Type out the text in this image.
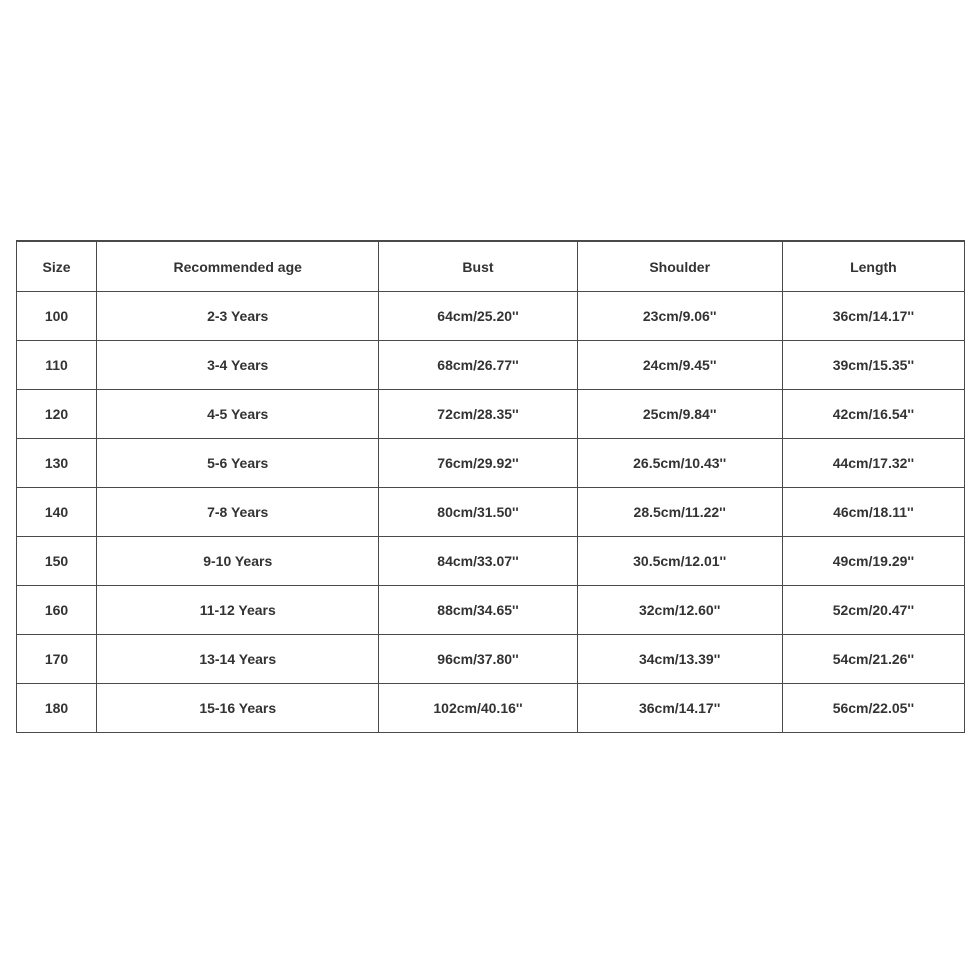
Size	Recommended age	Bust	Shoulder	Length
100	2-3 Years	64cm/25.20''	23cm/9.06''	36cm/14.17''
110	3-4 Years	68cm/26.77''	24cm/9.45''	39cm/15.35''
120	4-5 Years	72cm/28.35''	25cm/9.84''	42cm/16.54''
130	5-6 Years	76cm/29.92''	26.5cm/10.43''	44cm/17.32''
140	7-8 Years	80cm/31.50''	28.5cm/11.22''	46cm/18.11''
150	9-10 Years	84cm/33.07''	30.5cm/12.01''	49cm/19.29''
160	11-12 Years	88cm/34.65''	32cm/12.60''	52cm/20.47''
170	13-14 Years	96cm/37.80''	34cm/13.39''	54cm/21.26''
180	15-16 Years	102cm/40.16''	36cm/14.17''	56cm/22.05''
